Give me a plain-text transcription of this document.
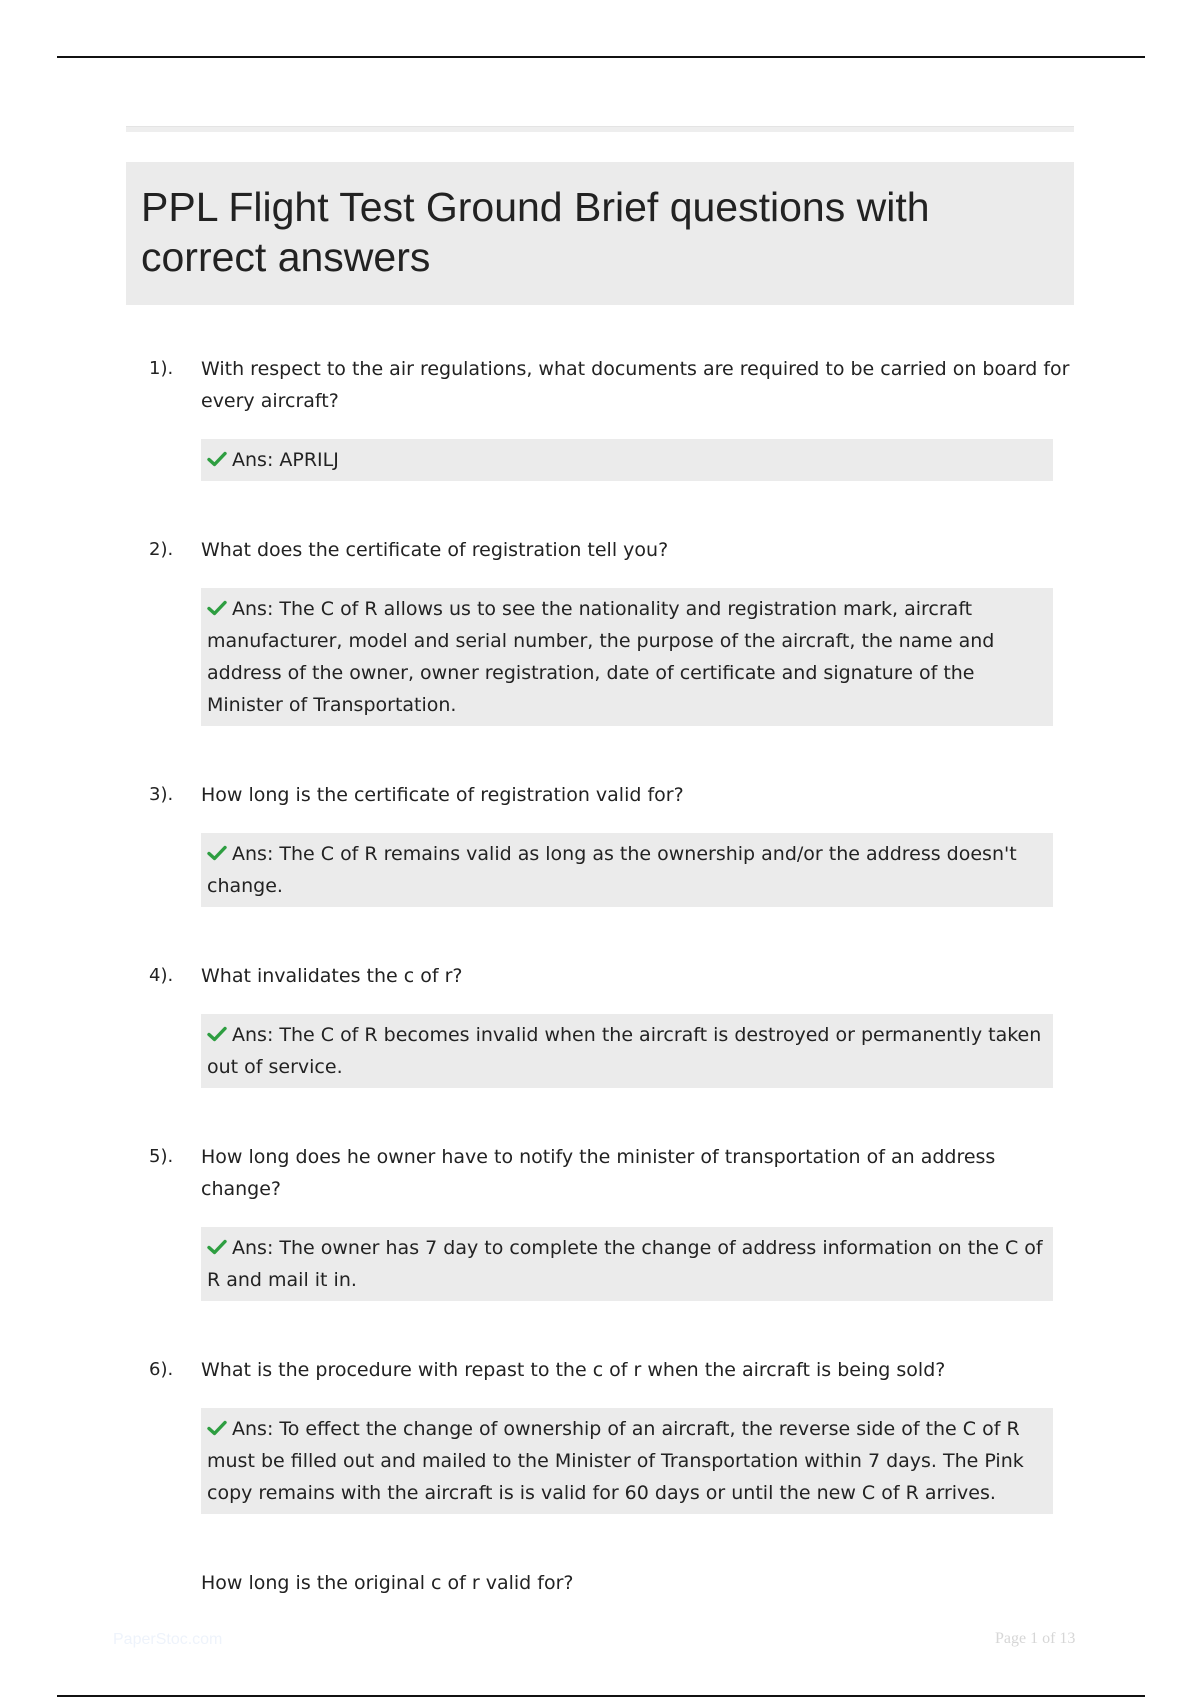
PPL Flight Test Ground Brief questions with correct answers
1). With respect to the air regulations, what documents are required to be carried on board for every aircraft?
Ans: APRILJ
2). What does the certificate of registration tell you?
Ans: The C of R allows us to see the nationality and registration mark, aircraft manufacturer, model and serial number, the purpose of the aircraft, the name and address of the owner, owner registration, date of certificate and signature of the Minister of Transportation.
3). How long is the certificate of registration valid for?
Ans: The C of R remains valid as long as the ownership and/or the address doesn't change.
4). What invalidates the c of r?
Ans: The C of R becomes invalid when the aircraft is destroyed or permanently taken out of service.
5). How long does he owner have to notify the minister of transportation of an address change?
Ans: The owner has 7 day to complete the change of address information on the C of R and mail it in.
6). What is the procedure with repast to the c of r when the aircraft is being sold?
Ans: To effect the change of ownership of an aircraft, the reverse side of the C of R must be filled out and mailed to the Minister of Transportation within 7 days. The Pink copy remains with the aircraft is is valid for 60 days or until the new C of R arrives.
How long is the original c of r valid for?
PaperStoc.com	Page 1 of 13
